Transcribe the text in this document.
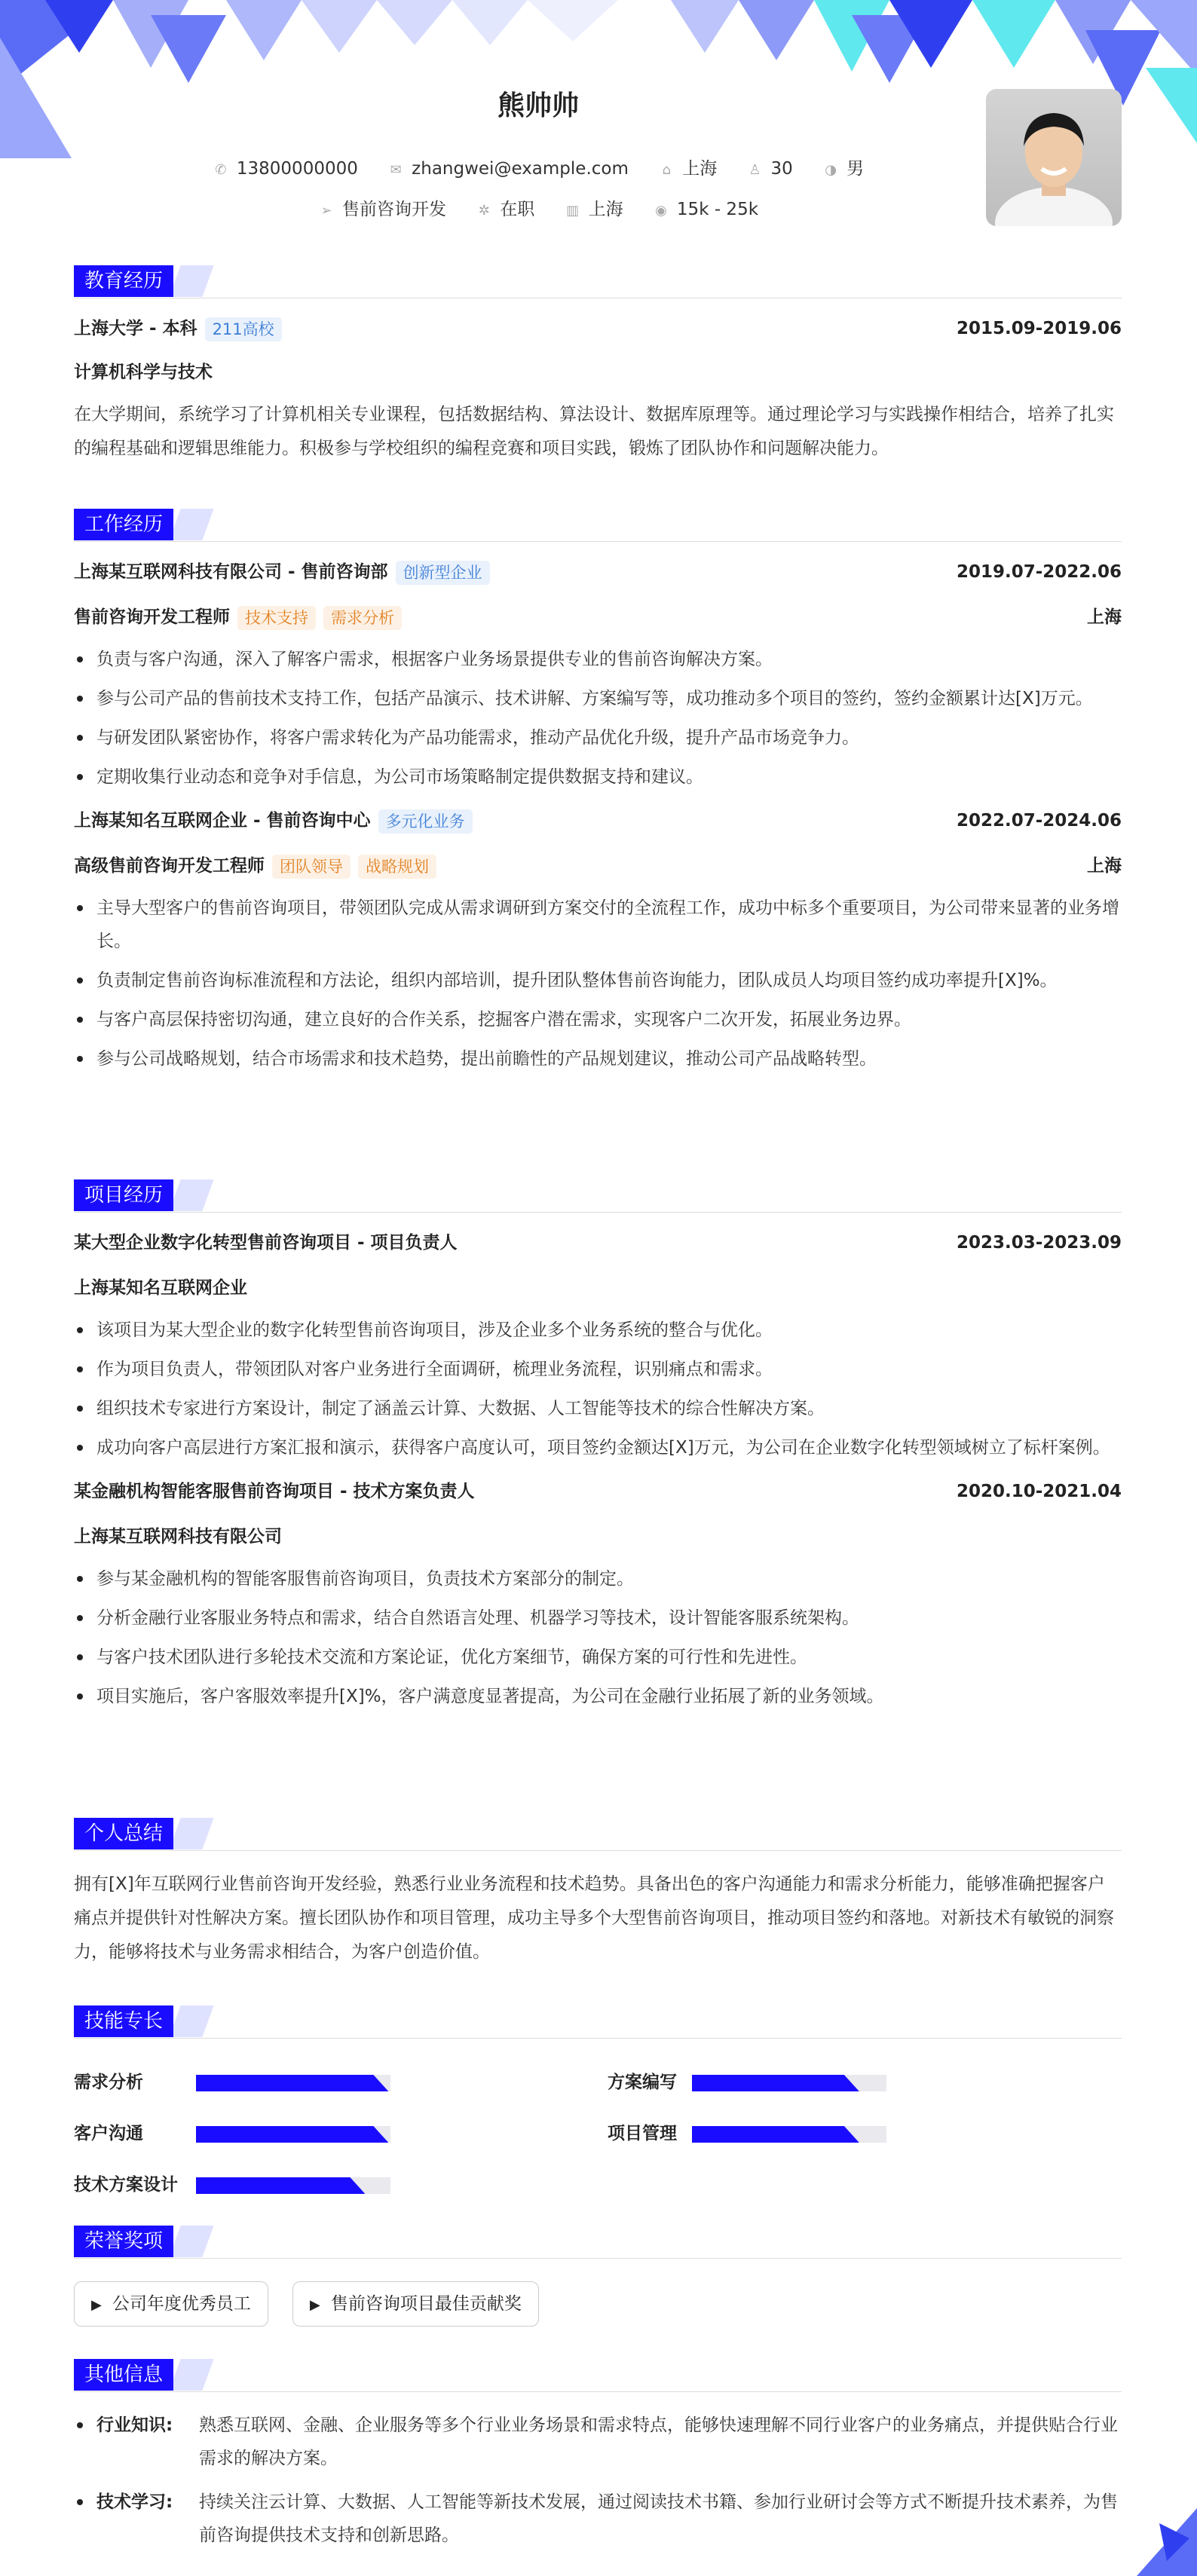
熊帅帅
✆ 13800000000 ✉ zhangwei@example.com ⌂ 上海 ♙ 30 ◑ 男
➢ 售前咨询开发 ✲ 在职 ▥ 上海 ◉ 15k - 25k
教育经历
上海大学 - 本科 211高校	2015.09-2019.06
计算机科学与技术
在大学期间，系统学习了计算机相关专业课程，包括数据结构、算法设计、数据库原理等。通过理论学习与实践操作相结合，培养了扎实的编程基础和逻辑思维能力。积极参与学校组织的编程竞赛和项目实践，锻炼了团队协作和问题解决能力。
工作经历
上海某互联网科技有限公司 - 售前咨询部 创新型企业	2019.07-2022.06
售前咨询开发工程师 技术支持 需求分析	上海
负责与客户沟通，深入了解客户需求，根据客户业务场景提供专业的售前咨询解决方案。
参与公司产品的售前技术支持工作，包括产品演示、技术讲解、方案编写等，成功推动多个项目的签约，签约金额累计达[X]万元。
与研发团队紧密协作，将客户需求转化为产品功能需求，推动产品优化升级，提升产品市场竞争力。
定期收集行业动态和竞争对手信息，为公司市场策略制定提供数据支持和建议。
上海某知名互联网企业 - 售前咨询中心 多元化业务	2022.07-2024.06
高级售前咨询开发工程师 团队领导 战略规划	上海
主导大型客户的售前咨询项目，带领团队完成从需求调研到方案交付的全流程工作，成功中标多个重要项目，为公司带来显著的业务增长。
负责制定售前咨询标准流程和方法论，组织内部培训，提升团队整体售前咨询能力，团队成员人均项目签约成功率提升[X]%。
与客户高层保持密切沟通，建立良好的合作关系，挖掘客户潜在需求，实现客户二次开发，拓展业务边界。
参与公司战略规划，结合市场需求和技术趋势，提出前瞻性的产品规划建议，推动公司产品战略转型。
项目经历
某大型企业数字化转型售前咨询项目 - 项目负责人	2023.03-2023.09
上海某知名互联网企业
该项目为某大型企业的数字化转型售前咨询项目，涉及企业多个业务系统的整合与优化。
作为项目负责人，带领团队对客户业务进行全面调研，梳理业务流程，识别痛点和需求。
组织技术专家进行方案设计，制定了涵盖云计算、大数据、人工智能等技术的综合性解决方案。
成功向客户高层进行方案汇报和演示，获得客户高度认可，项目签约金额达[X]万元，为公司在企业数字化转型领域树立了标杆案例。
某金融机构智能客服售前咨询项目 - 技术方案负责人	2020.10-2021.04
上海某互联网科技有限公司
参与某金融机构的智能客服售前咨询项目，负责技术方案部分的制定。
分析金融行业客服业务特点和需求，结合自然语言处理、机器学习等技术，设计智能客服系统架构。
与客户技术团队进行多轮技术交流和方案论证，优化方案细节，确保方案的可行性和先进性。
项目实施后，客户客服效率提升[X]%，客户满意度显著提高，为公司在金融行业拓展了新的业务领域。
个人总结
拥有[X]年互联网行业售前咨询开发经验，熟悉行业业务流程和技术趋势。具备出色的客户沟通能力和需求分析能力，能够准确把握客户痛点并提供针对性解决方案。擅长团队协作和项目管理，成功主导多个大型售前咨询项目，推动项目签约和落地。对新技术有敏锐的洞察力，能够将技术与业务需求相结合，为客户创造价值。
技能专长
需求分析	方案编写
客户沟通	项目管理
技术方案设计
荣誉奖项
▶ 公司年度优秀员工	▶ 售前咨询项目最佳贡献奖
其他信息
行业知识: 熟悉互联网、金融、企业服务等多个行业业务场景和需求特点，能够快速理解不同行业客户的业务痛点，并提供贴合行业需求的解决方案。
技术学习: 持续关注云计算、大数据、人工智能等新技术发展，通过阅读技术书籍、参加行业研讨会等方式不断提升技术素养，为售前咨询提供技术支持和创新思路。
